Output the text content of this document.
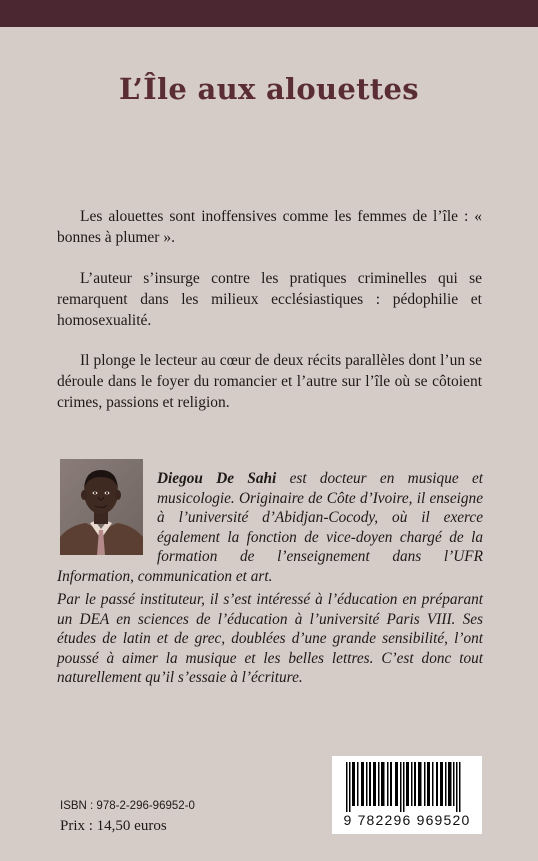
L’Île aux alouettes

Les alouettes sont inoffensives comme les femmes de l’île : « bonnes à plumer ».

L’auteur s’insurge contre les pratiques criminelles qui se remarquent dans les milieux ecclésiastiques : pédophilie et homosexualité.

Il plonge le lecteur au cœur de deux récits parallèles dont l’un se déroule dans le foyer du romancier et l’autre sur l’île où se côtoient crimes, passions et religion.

Diegou De Sahi est docteur en musique et musicologie. Originaire de Côte d’Ivoire, il enseigne à l’université d’Abidjan-Cocody, où il exerce également la fonction de vice-doyen chargé de la formation de l’enseignement dans l’UFR Information, communication et art.

Par le passé instituteur, il s’est intéressé à l’éducation en préparant un DEA en sciences de l’éducation à l’université Paris VIII. Ses études de latin et de grec, doublées d’une grande sensibilité, l’ont poussé à aimer la musique et les belles lettres. C’est donc tout naturellement qu’il s’essaie à l’écriture.

ISBN : 978-2-296-96952-0
Prix : 14,50 euros	9 782296 969520
